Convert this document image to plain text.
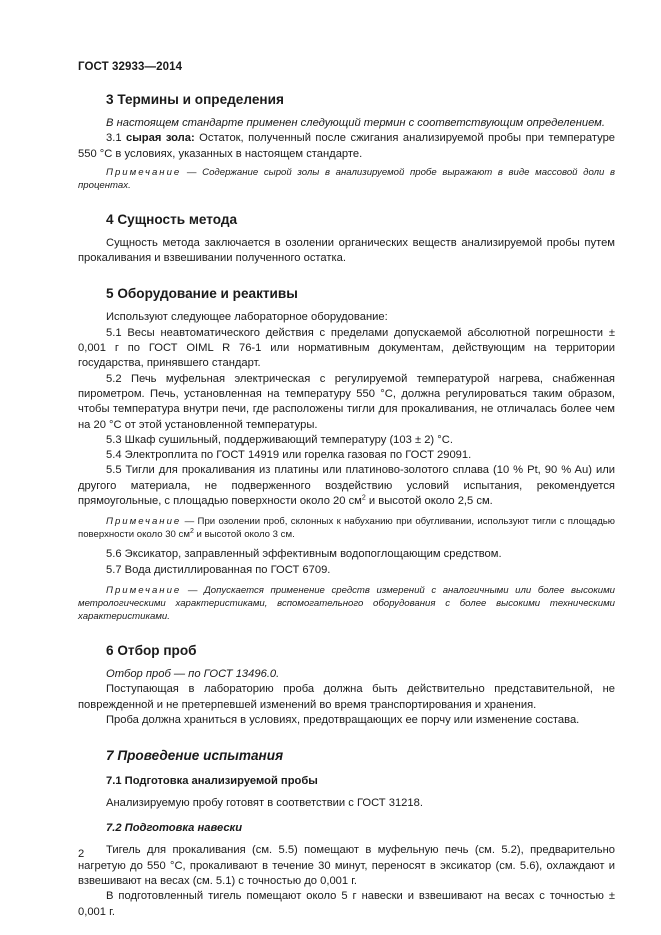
ГОСТ 32933—2014
3 Термины и определения

В настоящем стандарте применен следующий термин с соответствующим определением.

3.1 сырая зола: Остаток, полученный после сжигания анализируемой пробы при температуре 550 °С в условиях, указанных в настоящем стандарте.

Примечание — Содержание сырой золы в анализируемой пробе выражают в виде массовой доли в процентах.

4 Сущность метода

Сущность метода заключается в озолении органических веществ анализируемой пробы путем прокаливания и взвешивании полученного остатка.

5 Оборудование и реактивы

Используют следующее лабораторное оборудование:

5.1 Весы неавтоматического действия с пределами допускаемой абсолютной погрешности ± 0,001 г по ГОСТ OIML R 76-1 или нормативным документам, действующим на территории государства, принявшего стандарт.

5.2 Печь муфельная электрическая с регулируемой температурой нагрева, снабженная пирометром. Печь, установленная на температуру 550 °С, должна регулироваться таким образом, чтобы температура внутри печи, где расположены тигли для прокаливания, не отличалась более чем на 20 °С от этой установленной температуры.

5.3 Шкаф сушильный, поддерживающий температуру (103 ± 2) °С.

5.4 Электроплита по ГОСТ 14919 или горелка газовая по ГОСТ 29091.

5.5 Тигли для прокаливания из платины или платиново-золотого сплава (10 % Pt, 90 % Au) или другого материала, не подверженного воздействию условий испытания, рекомендуется прямоугольные, с площадью поверхности около 20 $см^2$ и высотой около 2,5 см.

Примечание — При озолении проб, склонных к набуханию при обугливании, используют тигли с площадью поверхности около 30 $см^2$ и высотой около 3 см.

5.6 Эксикатор, заправленный эффективным водопоглощающим средством.

5.7 Вода дистиллированная по ГОСТ 6709.

Примечание — Допускается применение средств измерений с аналогичными или более высокими метрологическими характеристиками, вспомогательного оборудования с более высокими техническими характеристиками.

6 Отбор проб

Отбор проб — по ГОСТ 13496.0.

Поступающая в лабораторию проба должна быть действительно представительной, не поврежденной и не претерпевшей изменений во время транспортирования и хранения.

Проба должна храниться в условиях, предотвращающих ее порчу или изменение состава.

7 Проведение испытания
7.1 Подготовка анализируемой пробы

Анализируемую пробу готовят в соответствии с ГОСТ 31218.

7.2 Подготовка навески

Тигель для прокаливания (см. 5.5) помещают в муфельную печь (см. 5.2), предварительно нагретую до 550 °С, прокаливают в течение 30 минут, переносят в эксикатор (см. 5.6), охлаждают и взвешивают на весах (см. 5.1) с точностью до 0,001 г.

В подготовленный тигель помещают около 5 г навески и взвешивают на весах с точностью ± 0,001 г.

2
